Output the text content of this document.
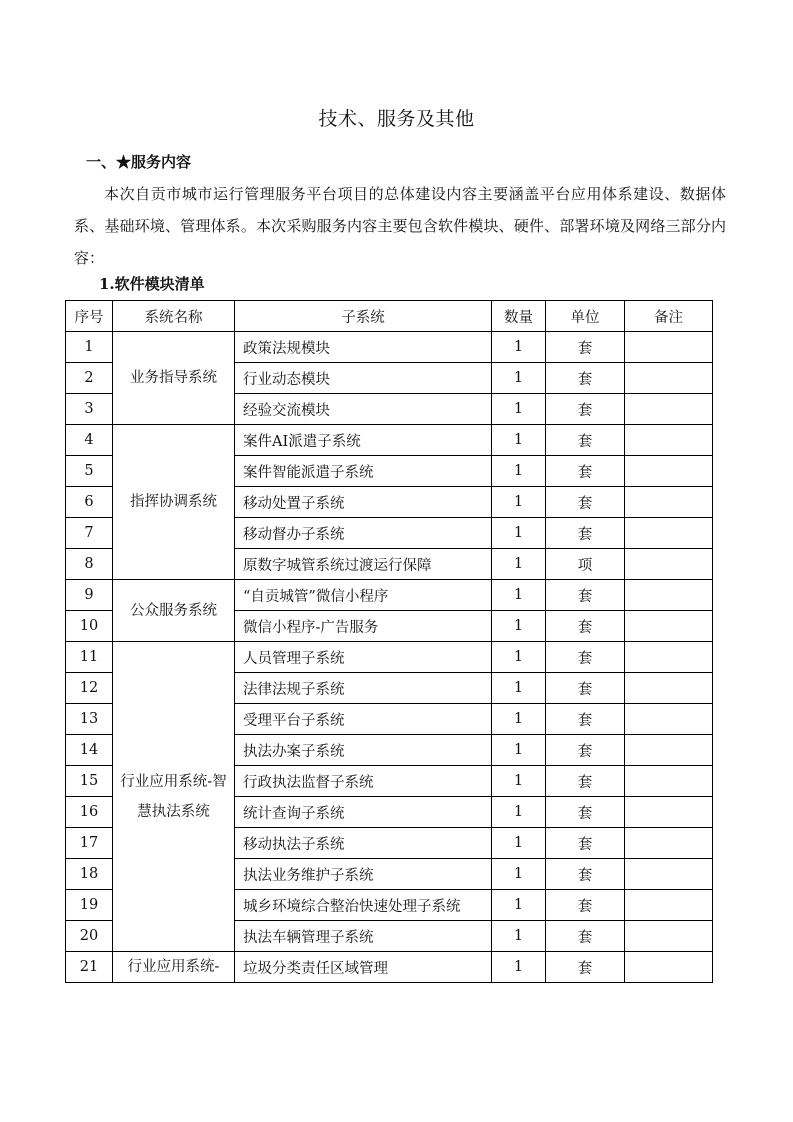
技术、服务及其他
一、★服务内容
本次自贡市城市运行管理服务平台项目的总体建设内容主要涵盖平台应用体系建设、数据体系、基础环境、管理体系。本次采购服务内容主要包含软件模块、硬件、部署环境及网络三部分内容：
1.软件模块清单
序号	系统名称	子系统	数量	单位	备注
1	业务指导系统	政策法规模块	1	套	
2		行业动态模块	1	套	
3		经验交流模块	1	套	
4	指挥协调系统	案件AI派遣子系统	1	套	
5		案件智能派遣子系统	1	套	
6		移动处置子系统	1	套	
7		移动督办子系统	1	套	
8		原数字城管系统过渡运行保障	1	项	
9	公众服务系统	“自贡城管”微信小程序	1	套	
10		微信小程序-广告服务	1	套	
11	行业应用系统-智慧执法系统	人员管理子系统	1	套	
12		法律法规子系统	1	套	
13		受理平台子系统	1	套	
14		执法办案子系统	1	套	
15		行政执法监督子系统	1	套	
16		统计查询子系统	1	套	
17		移动执法子系统	1	套	
18		执法业务维护子系统	1	套	
19		城乡环境综合整治快速处理子系统	1	套	
20		执法车辆管理子系统	1	套	
21	行业应用系统-	垃圾分类责任区域管理	1	套	
